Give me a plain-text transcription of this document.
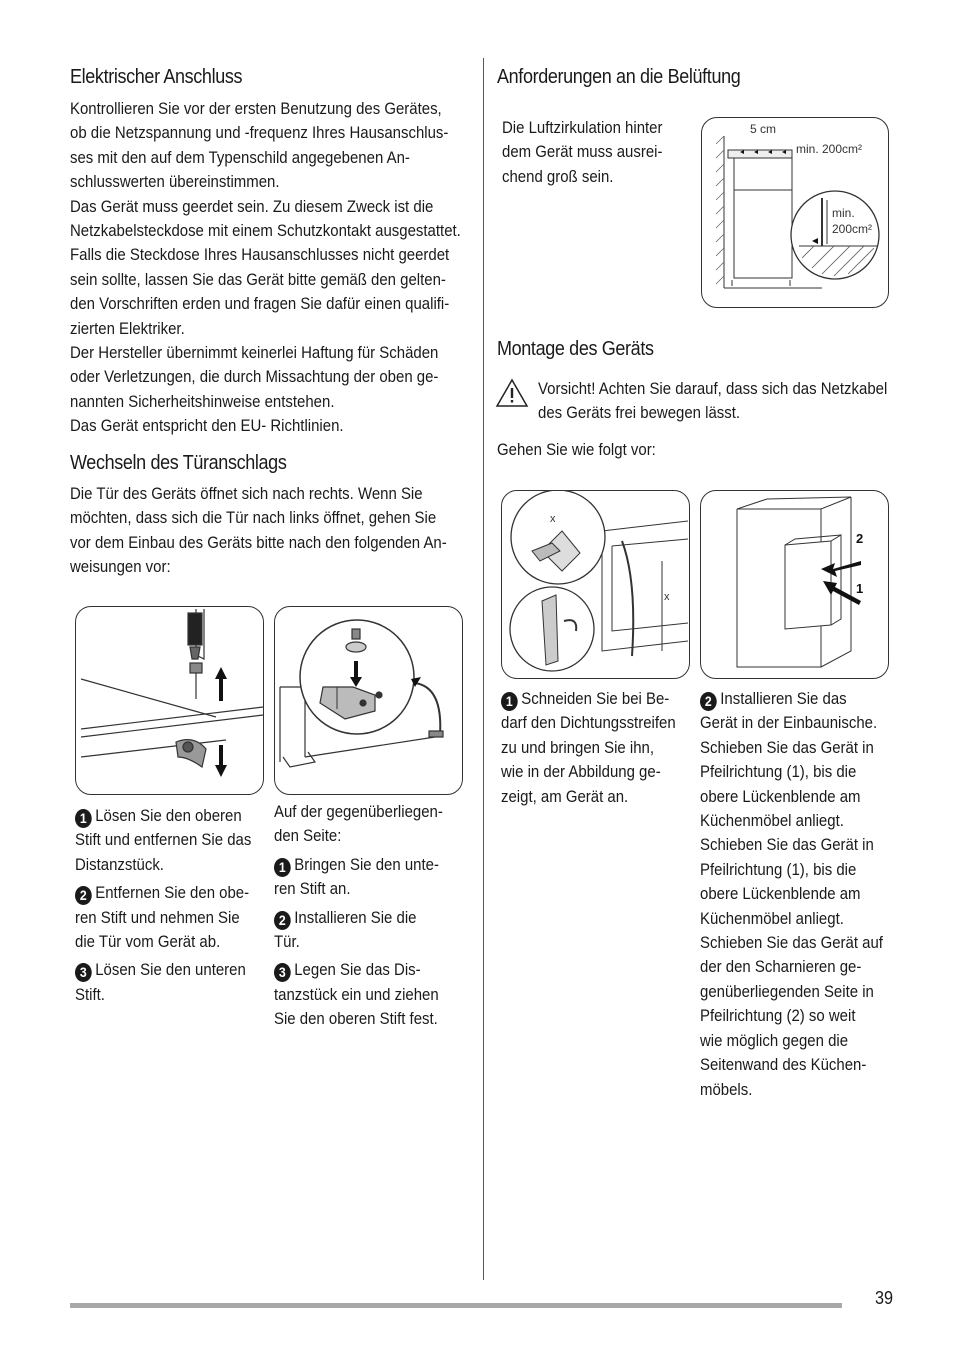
Elektrischer Anschluss

Kontrollieren Sie vor der ersten Benutzung des Gerätes,

ob die Netzspannung und -frequenz Ihres Hausanschlus-

ses mit den auf dem Typenschild angegebenen An-

schlusswerten übereinstimmen.

Das Gerät muss geerdet sein. Zu diesem Zweck ist die

Netzkabelsteckdose mit einem Schutzkontakt ausgestattet.

Falls die Steckdose Ihres Hausanschlusses nicht geerdet

sein sollte, lassen Sie das Gerät bitte gemäß den gelten-

den Vorschriften erden und fragen Sie dafür einen qualifi-

zierten Elektriker.

Der Hersteller übernimmt keinerlei Haftung für Schäden

oder Verletzungen, die durch Missachtung der oben ge-

nannten Sicherheitshinweise entstehen.

Das Gerät entspricht den EU- Richtlinien.

Wechseln des Türanschlags

Die Tür des Geräts öffnet sich nach rechts. Wenn Sie

möchten, dass sich die Tür nach links öffnet, gehen Sie

vor dem Einbau des Geräts bitte nach den folgenden An-

weisungen vor:

1 Lösen Sie den oberen

Stift und entfernen Sie das

Distanzstück.

2 Entfernen Sie den obe-

ren Stift und nehmen Sie

die Tür vom Gerät ab.

3 Lösen Sie den unteren

Stift.

Auf der gegenüberliegen-

den Seite:

1 Bringen Sie den unte-

ren Stift an.

2 Installieren Sie die

Tür.

3 Legen Sie das Dis-

tanzstück ein und ziehen

Sie den oberen Stift fest.

Anforderungen an die Belüftung

Die Luftzirkulation hinter

dem Gerät muss ausrei-

chend groß sein.

5 cm
min. 200cm²
min.
200cm²
Montage des Geräts

Vorsicht! Achten Sie darauf, dass sich das Netzkabel

des Geräts frei bewegen lässt.

Gehen Sie wie folgt vor:

x
x
2
1

1 Schneiden Sie bei Be-

darf den Dichtungsstreifen

zu und bringen Sie ihn,

wie in der Abbildung ge-

zeigt, am Gerät an.

2 Installieren Sie das

Gerät in der Einbaunische.

Schieben Sie das Gerät in

Pfeilrichtung (1), bis die

obere Lückenblende am

Küchenmöbel anliegt.

Schieben Sie das Gerät in

Pfeilrichtung (1), bis die

obere Lückenblende am

Küchenmöbel anliegt.

Schieben Sie das Gerät auf

der den Scharnieren ge-

genüberliegenden Seite in

Pfeilrichtung (2) so weit

wie möglich gegen die

Seitenwand des Küchen-

möbels.

39
